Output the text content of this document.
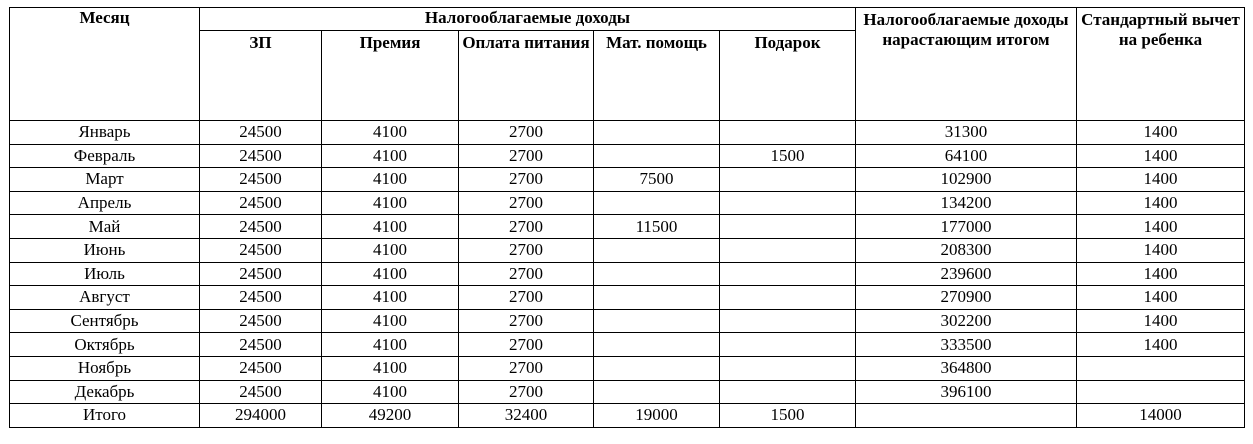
Месяц	Налогооблагаемые доходы					Налогооблагаемые доходы нарастающим итогом	Стандартный вычет на ребенка
	ЗП	Премия	Оплата питания	Мат. помощь	Подарок		
Январь	24500	4100	2700			31300	1400
Февраль	24500	4100	2700		1500	64100	1400
Март	24500	4100	2700	7500		102900	1400
Апрель	24500	4100	2700			134200	1400
Май	24500	4100	2700	11500		177000	1400
Июнь	24500	4100	2700			208300	1400
Июль	24500	4100	2700			239600	1400
Август	24500	4100	2700			270900	1400
Сентябрь	24500	4100	2700			302200	1400
Октябрь	24500	4100	2700			333500	1400
Ноябрь	24500	4100	2700			364800	
Декабрь	24500	4100	2700			396100	
Итого	294000	49200	32400	19000	1500		14000
